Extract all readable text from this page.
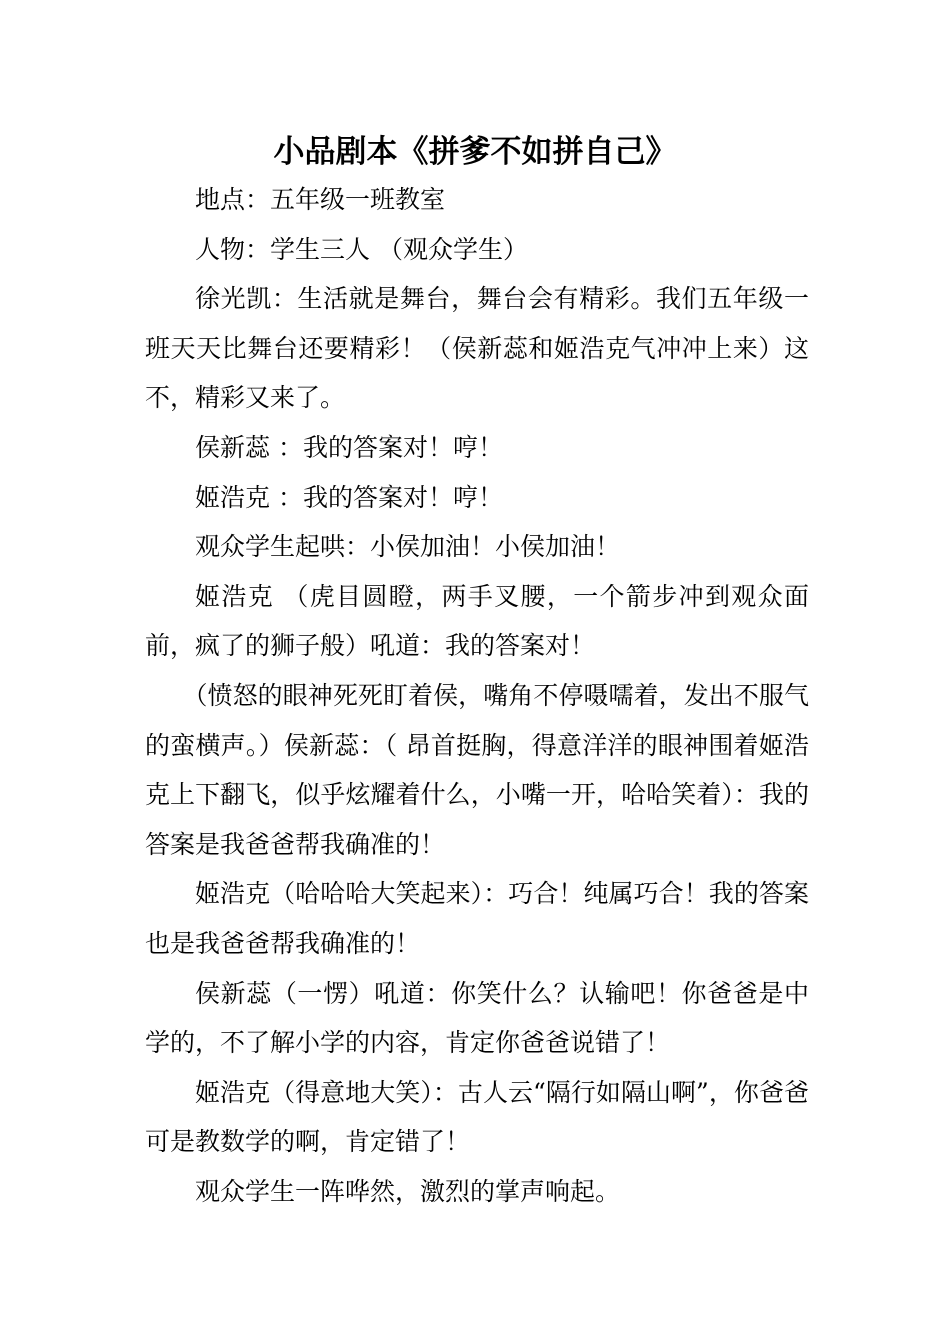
小品剧本《拼爹不如拼自己》

地点：五年级一班教室

人物：学生三人 （观众学生）

徐光凯：生活就是舞台，舞台会有精彩。我们五年级一班天天比舞台还要精彩！（侯新蕊和姬浩克气冲冲上来）这不，精彩又来了。

侯新蕊 ：我的答案对！哼！

姬浩克 ：我的答案对！哼！

观众学生起哄：小侯加油！小侯加油！

姬浩克 （虎目圆瞪，两手叉腰，一个箭步冲到观众面前，疯了的狮子般）吼道：我的答案对！

（愤怒的眼神死死盯着侯，嘴角不停嗫嚅着，发出不服气的蛮横声。）侯新蕊：（ 昂首挺胸，得意洋洋的眼神围着姬浩克上下翻飞，似乎炫耀着什么，小嘴一开，哈哈笑着）：我的答案是我爸爸帮我确准的！

姬浩克（哈哈哈大笑起来）：巧合！纯属巧合！我的答案也是我爸爸帮我确准的！

侯新蕊（一愣）吼道：你笑什么？认输吧！你爸爸是中学的，不了解小学的内容，肯定你爸爸说错了！

姬浩克（得意地大笑）：古人云“隔行如隔山啊”，你爸爸可是教数学的啊，肯定错了！

观众学生一阵哗然，激烈的掌声响起。
